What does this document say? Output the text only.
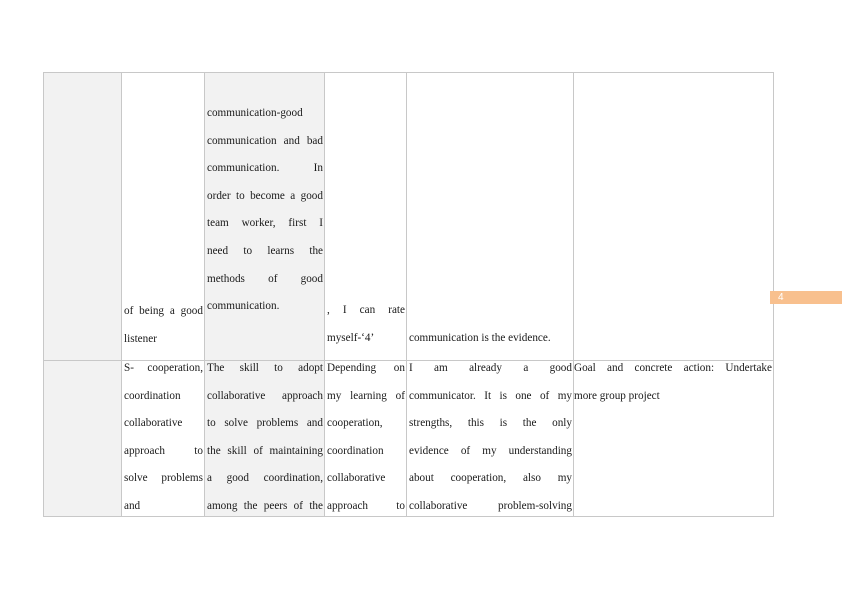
of being a good
listener
communication-good
communication and bad
communication. In
order to become a good
team worker, first I
need to learns the
methods of good
communication.	, I can rate
myself-‘4’	communication is the evidence.
S- cooperation,
coordination
collaborative
approach to
solve problems
and
The skill to adopt
collaborative approach
to solve problems and
the skill of maintaining
a good coordination,
among the peers of the
Depending on
my learning of
cooperation,
coordination
collaborative
approach to
I am already a good
communicator. It is one of my
strengths, this is the only
evidence of my understanding
about cooperation, also my
collaborative problem-solving
Goal and concrete action: Undertake
more group project
4
